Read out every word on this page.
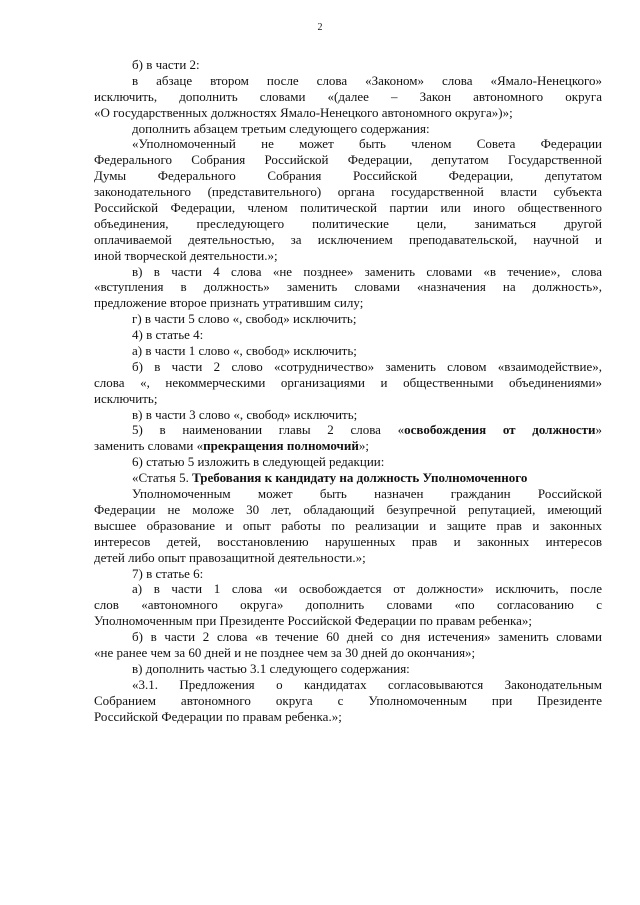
2
б) в части 2:
в абзаце втором после слова «Законом» слова «Ямало-Ненецкого»
исключить, дополнить словами «(далее – Закон автономного округа
«О государственных должностях Ямало-Ненецкого автономного округа»)»;
дополнить абзацем третьим следующего содержания:
«Уполномоченный не может быть членом Совета Федерации
Федерального Собрания Российской Федерации, депутатом Государственной
Думы Федерального Собрания Российской Федерации, депутатом
законодательного (представительного) органа государственной власти субъекта
Российской Федерации, членом политической партии или иного общественного
объединения, преследующего политические цели, заниматься другой
оплачиваемой деятельностью, за исключением преподавательской, научной и
иной творческой деятельности.»;
в) в части 4 слова «не позднее» заменить словами «в течение», слова
«вступления в должность» заменить словами «назначения на должность»,
предложение второе признать утратившим силу;
г) в части 5 слово «, свобод» исключить;
4) в статье 4:
а) в части 1 слово «, свобод» исключить;
б) в части 2 слово «сотрудничество» заменить словом «взаимодействие»,
слова «, некоммерческими организациями и общественными объединениями»
исключить;
в) в части 3 слово «, свобод» исключить;
5) в наименовании главы 2 слова «освобождения от должности»
заменить словами «прекращения полномочий»;
6) статью 5 изложить в следующей редакции:
«Статья 5. Требования к кандидату на должность Уполномоченного
Уполномоченным может быть назначен гражданин Российской
Федерации не моложе 30 лет, обладающий безупречной репутацией, имеющий
высшее образование и опыт работы по реализации и защите прав и законных
интересов детей, восстановлению нарушенных прав и законных интересов
детей либо опыт правозащитной деятельности.»;
7) в статье 6:
а) в части 1 слова «и освобождается от должности» исключить, после
слов «автономного округа» дополнить словами «по согласованию с
Уполномоченным при Президенте Российской Федерации по правам ребенка»;
б) в части 2 слова «в течение 60 дней со дня истечения» заменить словами
«не ранее чем за 60 дней и не позднее чем за 30 дней до окончания»;
в) дополнить частью 3.1 следующего содержания:
«3.1. Предложения о кандидатах согласовываются Законодательным
Собранием автономного округа с Уполномоченным при Президенте
Российской Федерации по правам ребенка.»;
